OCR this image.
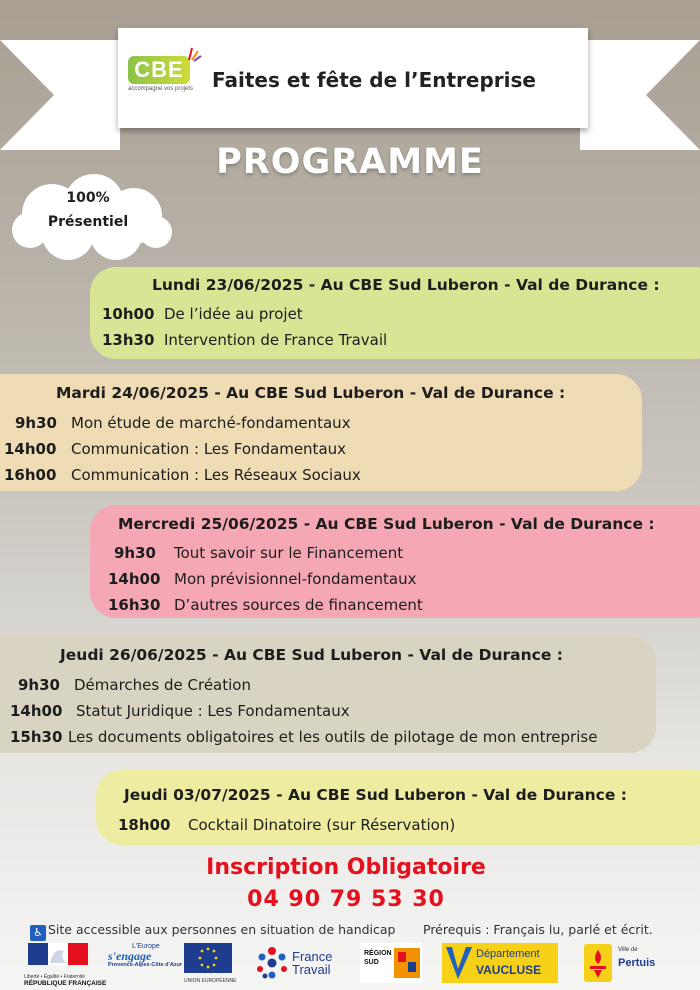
CBE
accompagne vos projets Faites et fête de l’Entreprise
PROGRAMME
100%
Présentiel
Lundi 23/06/2025 - Au CBE Sud Luberon - Val de Durance :
10h00 De l’idée au projet
13h30 Intervention de France Travail
Mardi 24/06/2025 - Au CBE Sud Luberon - Val de Durance :
9h30 Mon étude de marché-fondamentaux
14h00 Communication : Les Fondamentaux
16h00 Communication : Les Réseaux Sociaux
Mercredi 25/06/2025 - Au CBE Sud Luberon - Val de Durance :
9h30 Tout savoir sur le Financement
14h00 Mon prévisionnel-fondamentaux
16h30 D’autres sources de financement
Jeudi 26/06/2025 - Au CBE Sud Luberon - Val de Durance :
9h30 Démarches de Création
14h00 Statut Juridique : Les Fondamentaux
15h30 Les documents obligatoires et les outils de pilotage de mon entreprise
Jeudi 03/07/2025 - Au CBE Sud Luberon - Val de Durance :
18h00 Cocktail Dinatoire (sur Réservation)
Inscription Obligatoire
04 90 79 53 30
♿ Site accessible aux personnes en situation de handicap Prérequis : Français lu, parlé et écrit.
Liberté • Égalité • Fraternité
RÉPUBLIQUE FRANÇAISE
L'Europe
s'engage
Provence-Alpes-Côte d'Azur
UNION EUROPÉENNE
France
Travail
RÉGION
SUD
Département
VAUCLUSE
Ville de
Pertuis
